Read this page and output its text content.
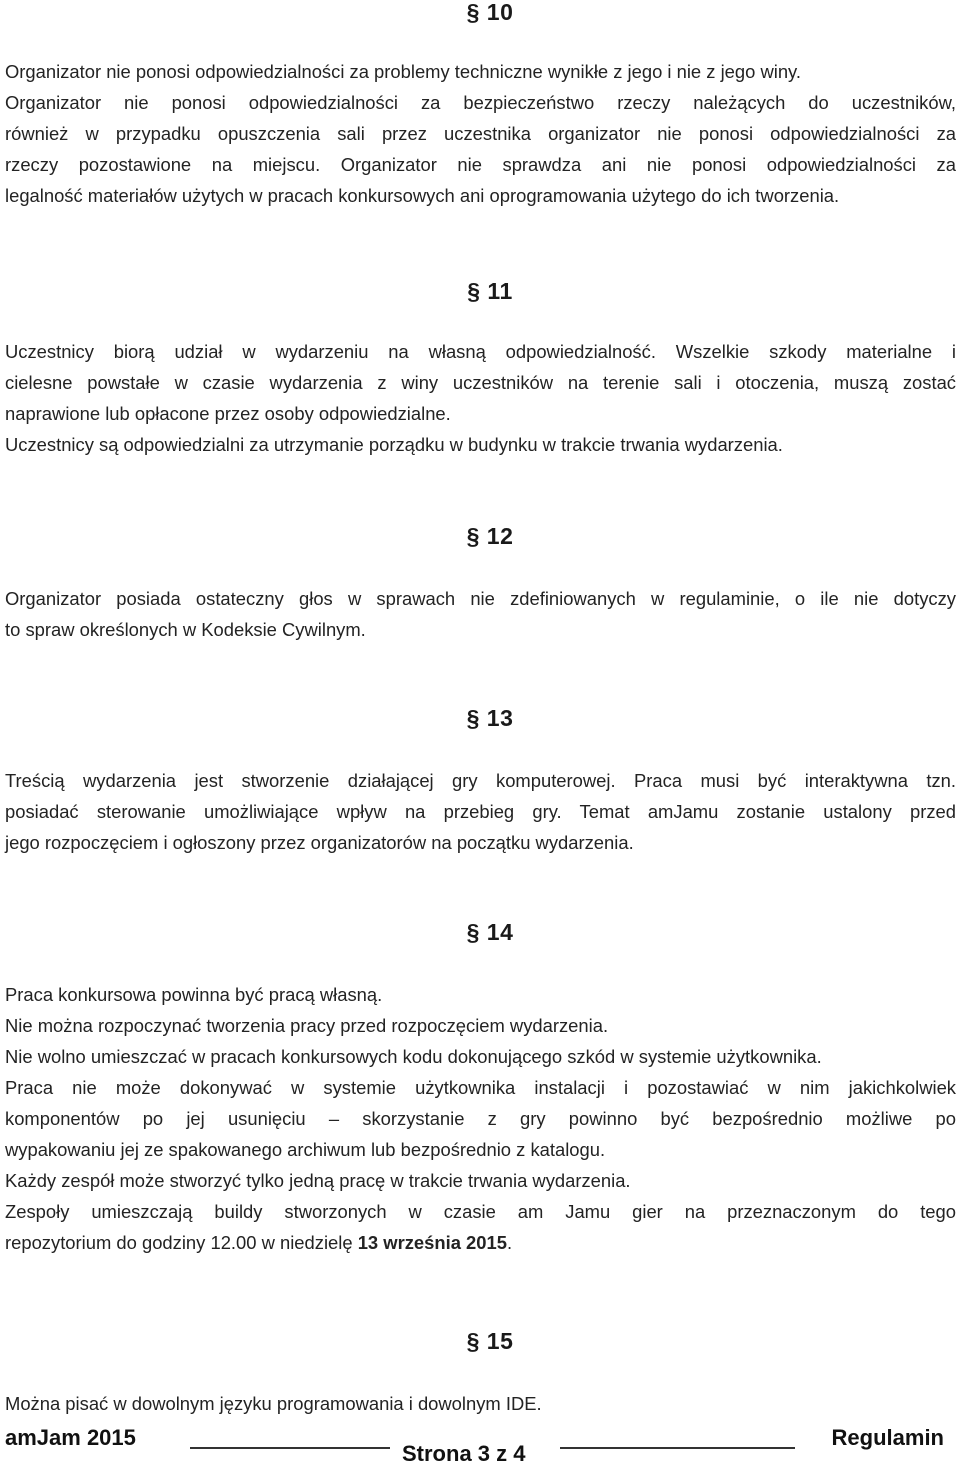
§ 10
Organizator nie ponosi odpowiedzialności za problemy techniczne wynikłe z jego i nie z jego winy.
Organizator nie ponosi odpowiedzialności za bezpieczeństwo rzeczy należących do uczestników,
również w przypadku opuszczenia sali przez uczestnika organizator nie ponosi odpowiedzialności za
rzeczy pozostawione na miejscu. Organizator nie sprawdza ani nie ponosi odpowiedzialności za
legalność materiałów użytych w pracach konkursowych ani oprogramowania użytego do ich tworzenia.
§ 11
Uczestnicy biorą udział w wydarzeniu na własną odpowiedzialność. Wszelkie szkody materialne i
cielesne powstałe w czasie wydarzenia z winy uczestników na terenie sali i otoczenia, muszą zostać
naprawione lub opłacone przez osoby odpowiedzialne.
Uczestnicy są odpowiedzialni za utrzymanie porządku w budynku w trakcie trwania wydarzenia.
§ 12
Organizator posiada ostateczny głos w sprawach nie zdefiniowanych w regulaminie, o ile nie dotyczy
to spraw określonych w Kodeksie Cywilnym.
§ 13
Treścią wydarzenia jest stworzenie działającej gry komputerowej. Praca musi być interaktywna tzn.
posiadać sterowanie umożliwiające wpływ na przebieg gry. Temat amJamu zostanie ustalony przed
jego rozpoczęciem i ogłoszony przez organizatorów na początku wydarzenia.
§ 14
Praca konkursowa powinna być pracą własną.
Nie można rozpoczynać tworzenia pracy przed rozpoczęciem wydarzenia.
Nie wolno umieszczać w pracach konkursowych kodu dokonującego szkód w systemie użytkownika.
Praca nie może dokonywać w systemie użytkownika instalacji i pozostawiać w nim jakichkolwiek
komponentów po jej usunięciu – skorzystanie z gry powinno być bezpośrednio możliwe po
wypakowaniu jej ze spakowanego archiwum lub bezpośrednio z katalogu.
Każdy zespół może stworzyć tylko jedną pracę w trakcie trwania wydarzenia.
Zespoły umieszczają buildy stworzonych w czasie am Jamu gier na przeznaczonym do tego
repozytorium do godziny 12.00 w niedzielę 13 września 2015.
§ 15
Można pisać w dowolnym języku programowania i dowolnym IDE.
amJam 2015
Strona 3 z 4
Regulamin
